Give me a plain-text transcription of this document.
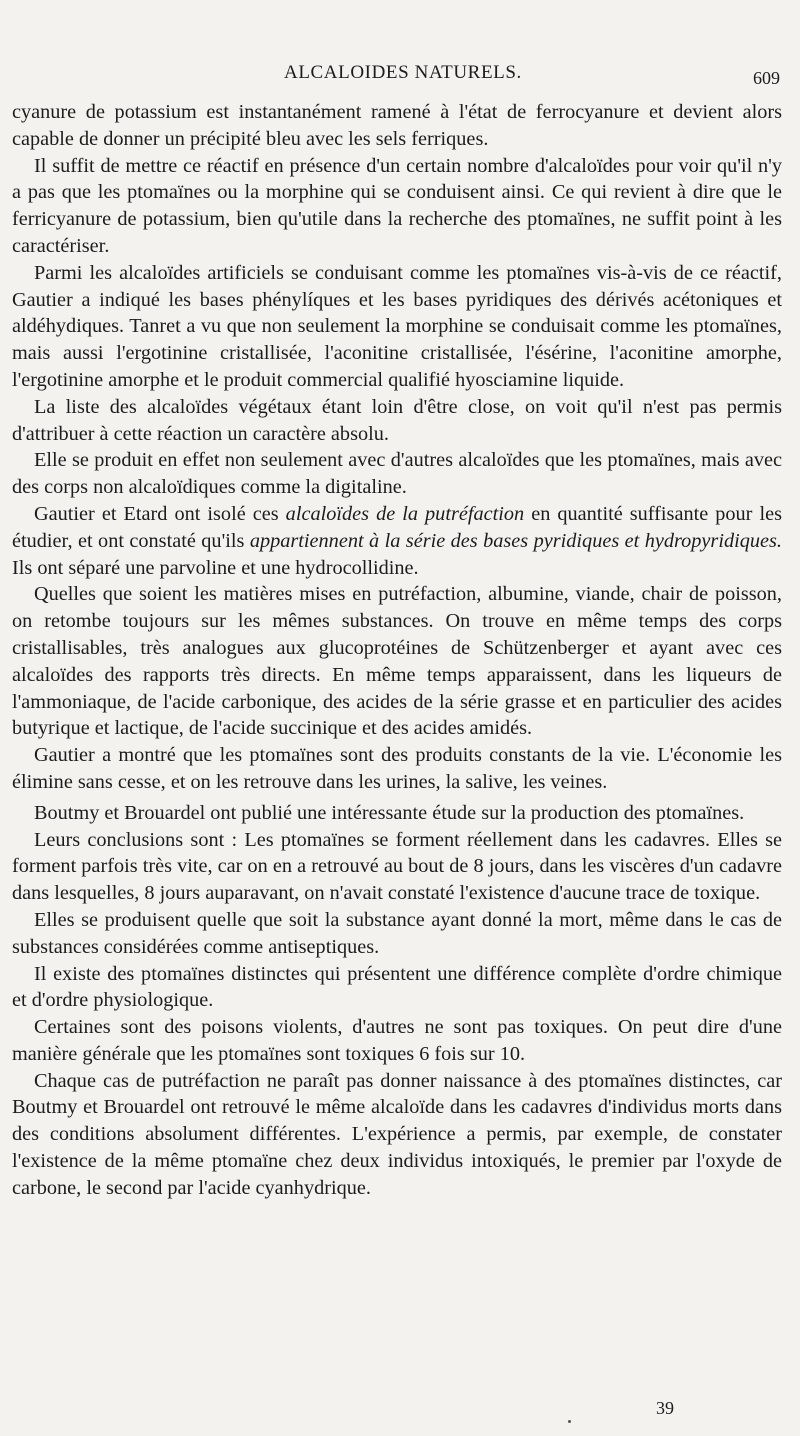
ALCALOIDES NATURELS.	609

cyanure de potassium est instantanément ramené à l'état de ferrocyanure et devient alors capable de donner un précipité bleu avec les sels ferriques.

Il suffit de mettre ce réactif en présence d'un certain nombre d'alcaloïdes pour voir qu'il n'y a pas que les ptomaïnes ou la morphine qui se conduisent ainsi. Ce qui revient à dire que le ferricyanure de potassium, bien qu'utile dans la recherche des ptomaïnes, ne suffit point à les caractériser.

Parmi les alcaloïdes artificiels se conduisant comme les ptomaïnes vis-à-vis de ce réactif, Gautier a indiqué les bases phénylíques et les bases pyridiques des dérivés acétoniques et aldéhydiques. Tanret a vu que non seulement la morphine se conduisait comme les ptomaïnes, mais aussi l'ergotinine cristallisée, l'aconitine cristallisée, l'ésérine, l'aconitine amorphe, l'ergotinine amorphe et le produit commercial qualifié hyosciamine liquide.

La liste des alcaloïdes végétaux étant loin d'être close, on voit qu'il n'est pas permis d'attribuer à cette réaction un caractère absolu.

Elle se produit en effet non seulement avec d'autres alcaloïdes que les ptomaïnes, mais avec des corps non alcaloïdiques comme la digitaline.

Gautier et Etard ont isolé ces alcaloïdes de la putréfaction en quantité suffisante pour les étudier, et ont constaté qu'ils appartiennent à la série des bases pyridiques et hydropyridiques. Ils ont séparé une parvoline et une hydrocollidine.

Quelles que soient les matières mises en putréfaction, albumine, viande, chair de poisson, on retombe toujours sur les mêmes substances. On trouve en même temps des corps cristallisables, très analogues aux glucoprotéines de Schützenberger et ayant avec ces alcaloïdes des rapports très directs. En même temps apparaissent, dans les liqueurs de l'ammoniaque, de l'acide carbonique, des acides de la série grasse et en particulier des acides butyrique et lactique, de l'acide succinique et des acides amidés.

Gautier a montré que les ptomaïnes sont des produits constants de la vie. L'économie les élimine sans cesse, et on les retrouve dans les urines, la salive, les veines.

Boutmy et Brouardel ont publié une intéressante étude sur la production des ptomaïnes.

Leurs conclusions sont : Les ptomaïnes se forment réellement dans les cadavres. Elles se forment parfois très vite, car on en a retrouvé au bout de 8 jours, dans les viscères d'un cadavre dans lesquelles, 8 jours auparavant, on n'avait constaté l'existence d'aucune trace de toxique.

Elles se produisent quelle que soit la substance ayant donné la mort, même dans le cas de substances considérées comme antiseptiques.

Il existe des ptomaïnes distinctes qui présentent une différence complète d'ordre chimique et d'ordre physiologique.

Certaines sont des poisons violents, d'autres ne sont pas toxiques. On peut dire d'une manière générale que les ptomaïnes sont toxiques 6 fois sur 10.

Chaque cas de putréfaction ne paraît pas donner naissance à des ptomaïnes distinctes, car Boutmy et Brouardel ont retrouvé le même alcaloïde dans les cadavres d'individus morts dans des conditions absolument différentes. L'expérience a permis, par exemple, de constater l'existence de la même ptomaïne chez deux individus intoxiqués, le premier par l'oxyde de carbone, le second par l'acide cyanhydrique.

39
